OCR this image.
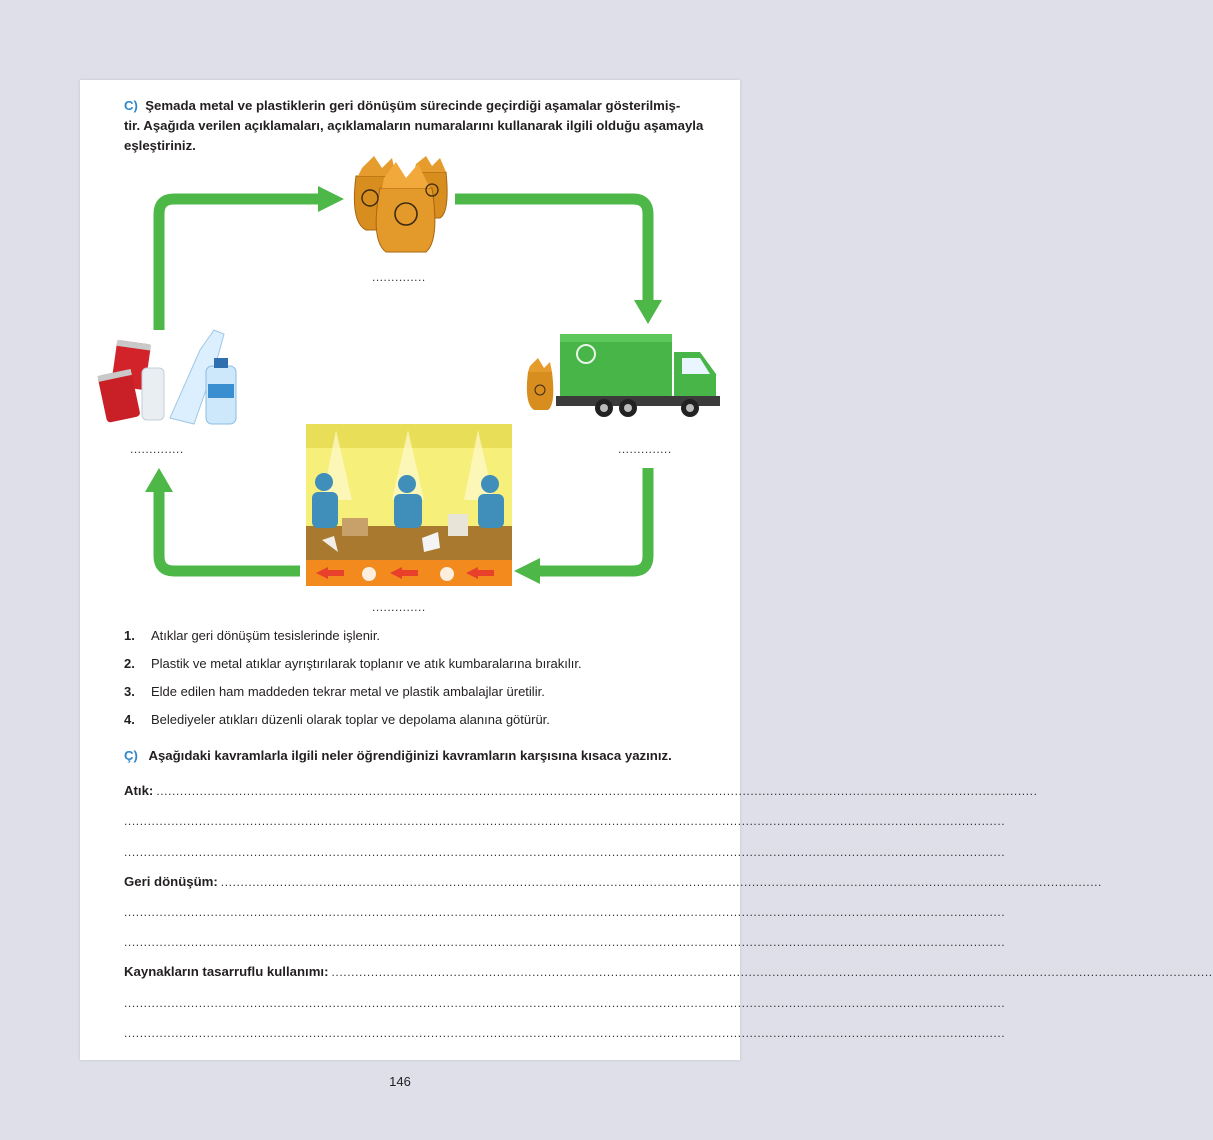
C) Şemada metal ve plastiklerin geri dönüşüm sürecinde geçirdiği aşamalar gösterilmiş-

tir. Aşağıda verilen açıklamaları, açıklamaların numaralarını kullanarak ilgili olduğu aşamayla

eşleştiriniz.

..............
..............
..............
..............
1. Atıklar geri dönüşüm tesislerinde işlenir.
2. Plastik ve metal atıklar ayrıştırılarak toplanır ve atık kumbaralarına bırakılır.
3. Elde edilen ham maddeden tekrar metal ve plastik ambalajlar üretilir.
4. Belediyeler atıkları düzenli olarak toplar ve depolama alanına götürür.

Ç) Aşağıdaki kavramlarla ilgili neler öğrendiğinizi kavramların karşısına kısaca yazınız.

Atık: ................................................................................................................................................................................................................................
................................................................................................................................................................................................................................
................................................................................................................................................................................................................................
Geri dönüşüm: ................................................................................................................................................................................................................................
................................................................................................................................................................................................................................
................................................................................................................................................................................................................................
Kaynakların tasarruflu kullanımı: ................................................................................................................................................................................................................................
................................................................................................................................................................................................................................
................................................................................................................................................................................................................................
146
